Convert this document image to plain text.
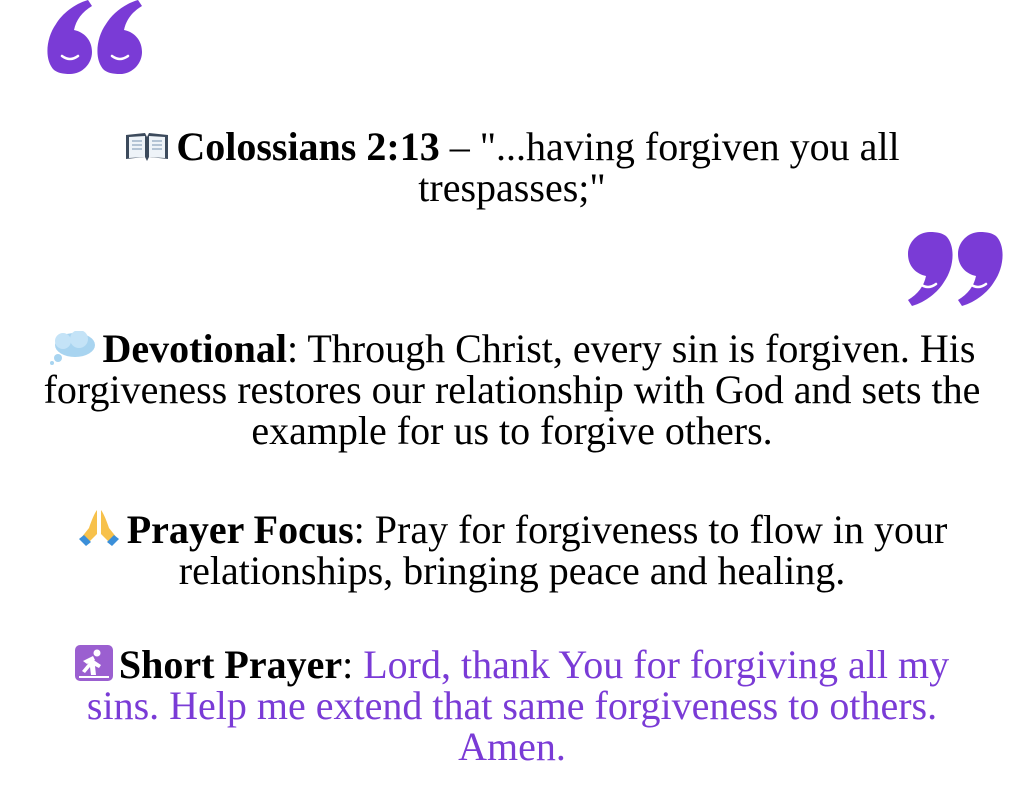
Colossians 2:13 – "...having forgiven you all trespasses;"
Devotional: Through Christ, every sin is forgiven. His forgiveness restores our relationship with God and sets the example for us to forgive others.
Prayer Focus: Pray for forgiveness to flow in your relationships, bringing peace and healing.
Short Prayer: Lord, thank You for forgiving all my sins. Help me extend that same forgiveness to others. Amen.
